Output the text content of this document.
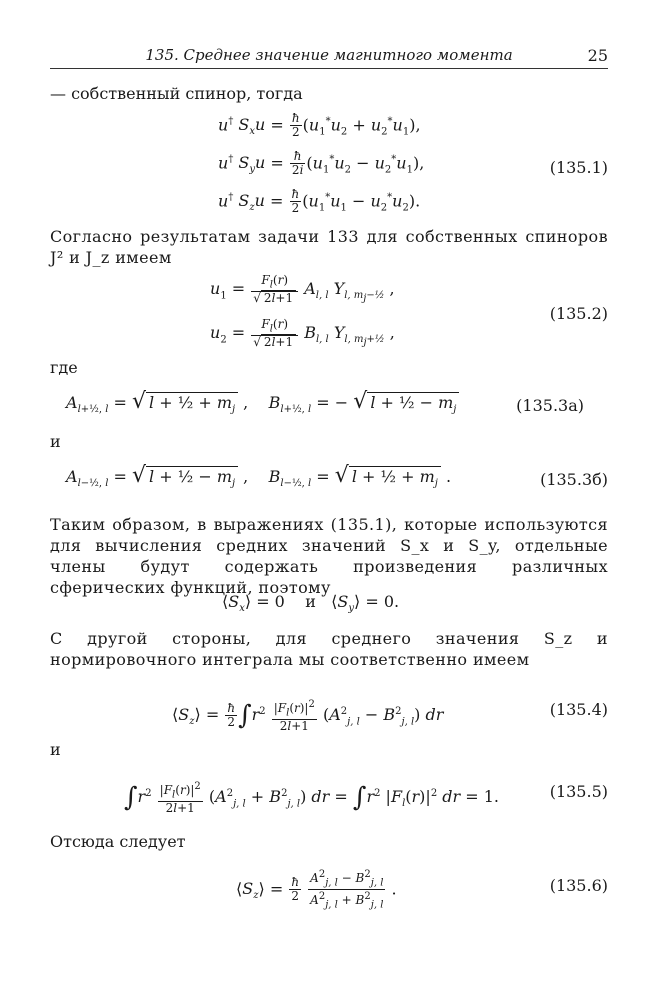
135. Среднее значение магнитного момента	25
— собственный спинор, тогда
u† $S_xu = \frac{ħ}{2} (u_1^*u_2 + u_2^*u_1)$,
u† $S_yu = \frac{ħ}{2i} (u_1^*u_2 - u_2^*u_1)$,
u† $S_zu = \frac{ħ}{2} (u_1^*u_1 - u_2^*u_2)$.
(135.1)
Согласно результатам задачи 133 для собственных спиноров J² и J_z имеем
$u_1 = \frac{F_l(r)}{√ 2l+1} A_{l, l}$ $Y_{l, m_j-\frac{1}{2}}$ ,
$u_2 = \frac{F_l(r)}{√ 2l+1} B_{l, l}$ $Y_{l, m_j+\frac{1}{2}}$ ,
(135.2)
где
$A_{l+\frac{1}{2}, l}$ = √ l + ½ + $m_j$ ,    $B_{l+\frac{1}{2}, l}$ = − √ l + ½ − $m_j$	(135.3а)
и
$A_{l-\frac{1}{2}, l}$ = √ l + ½ − $m_j$ ,    $B_{l-\frac{1}{2}, l}$ = √ l + ½ + $m_j$ .	(135.3б)
Таким образом, в выражениях (135.1), которые используются для вычисления средних значений S_x и S_y, отдельные члены будут содержать произведения различных сферических функций, поэтому
$⟨S_x⟩ = 0$    и   $⟨S_y⟩ = 0$.
С другой стороны, для среднего значения S_z и нормировочного интеграла мы соответственно имеем
$⟨S_z⟩ = \frac{ħ}{2} \int r^2 \frac{|F_l(r)|^2}{2l+1} (A^2_{j, l} - B^2_{j, l})$ dr	(135.4)
и
$\int r^2 \frac{|F_l(r)|^2}{2l+1} (A^2_{j, l} + B^2_{j, l})$ dr = $\int r^2$ $|F_l(r)|^2$ dr = 1.	(135.5)
Отсюда следует
$⟨S_z⟩ = \frac{ħ}{2}$
$\frac{A^2_{j, l} - B^2_{j, l}}{A^2_{j, l} + B^2_{j, l}}$ .	(135.6)
